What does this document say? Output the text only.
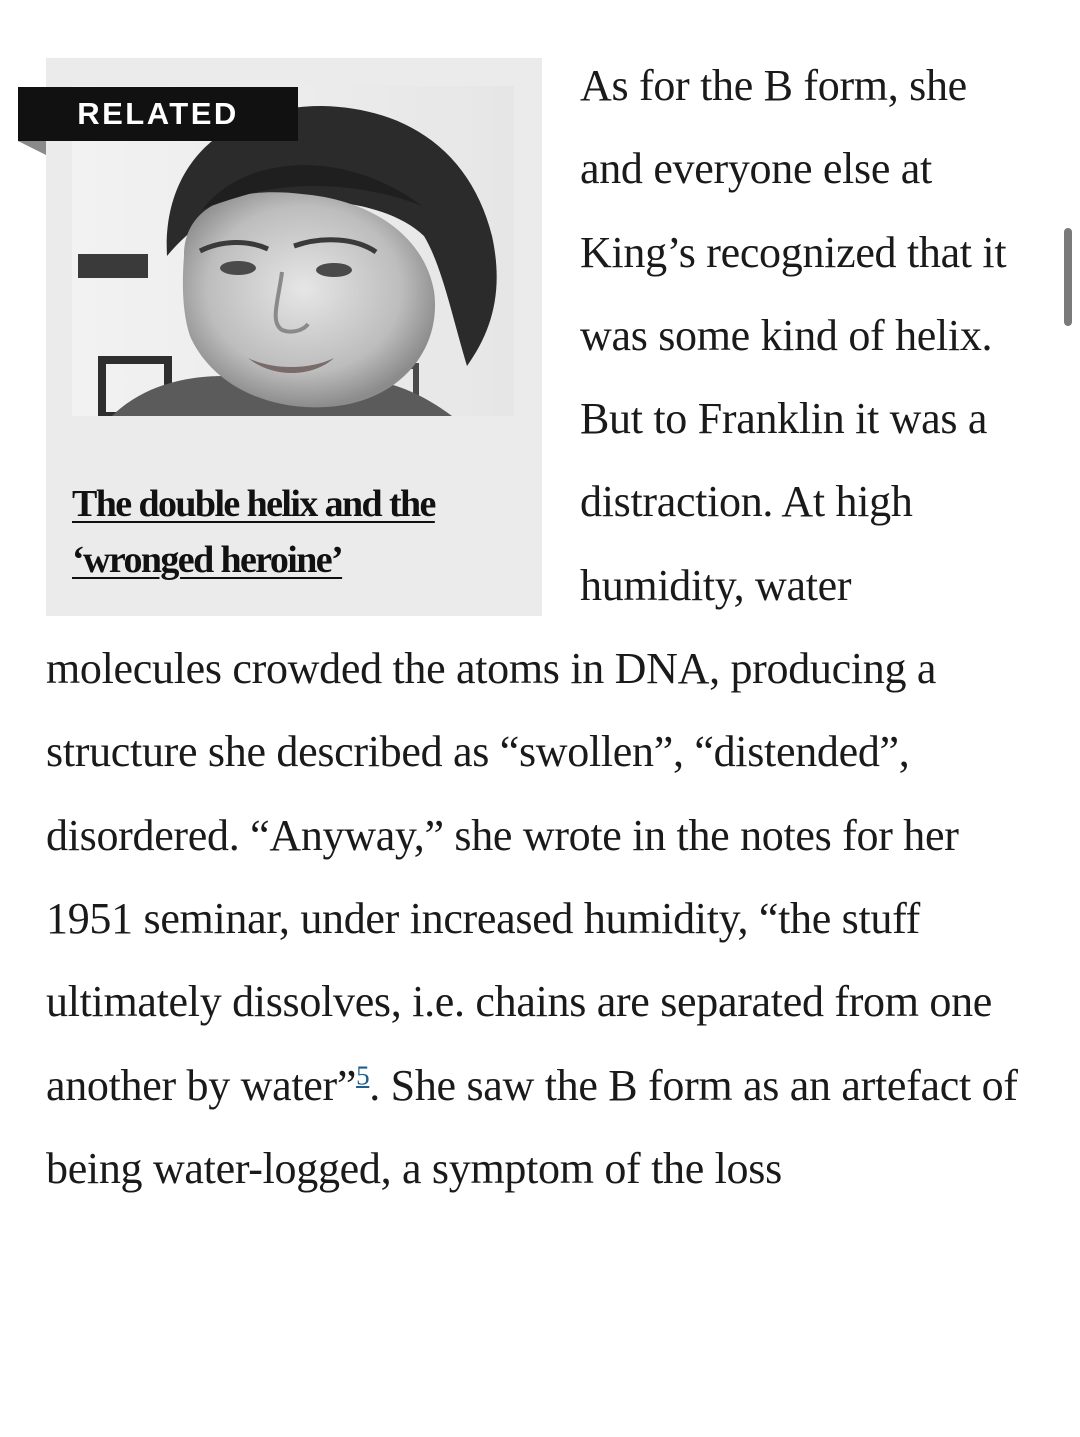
RELATED
The double helix and the ‘wronged heroine’

As for the B form, she and everyone else at King’s recognized that it was some kind of helix. But to Franklin it was a distraction. At high humidity, water molecules crowded the atoms in DNA, producing a structure she described as “swollen”, “distended”, disordered. “Anyway,” she wrote in the notes for her 1951 seminar, under increased humidity, “the stuff ultimately dissolves, i.e. chains are separated from one another by water”$^5$. She saw the B form as an artefact of being water-logged, a symptom of the loss
